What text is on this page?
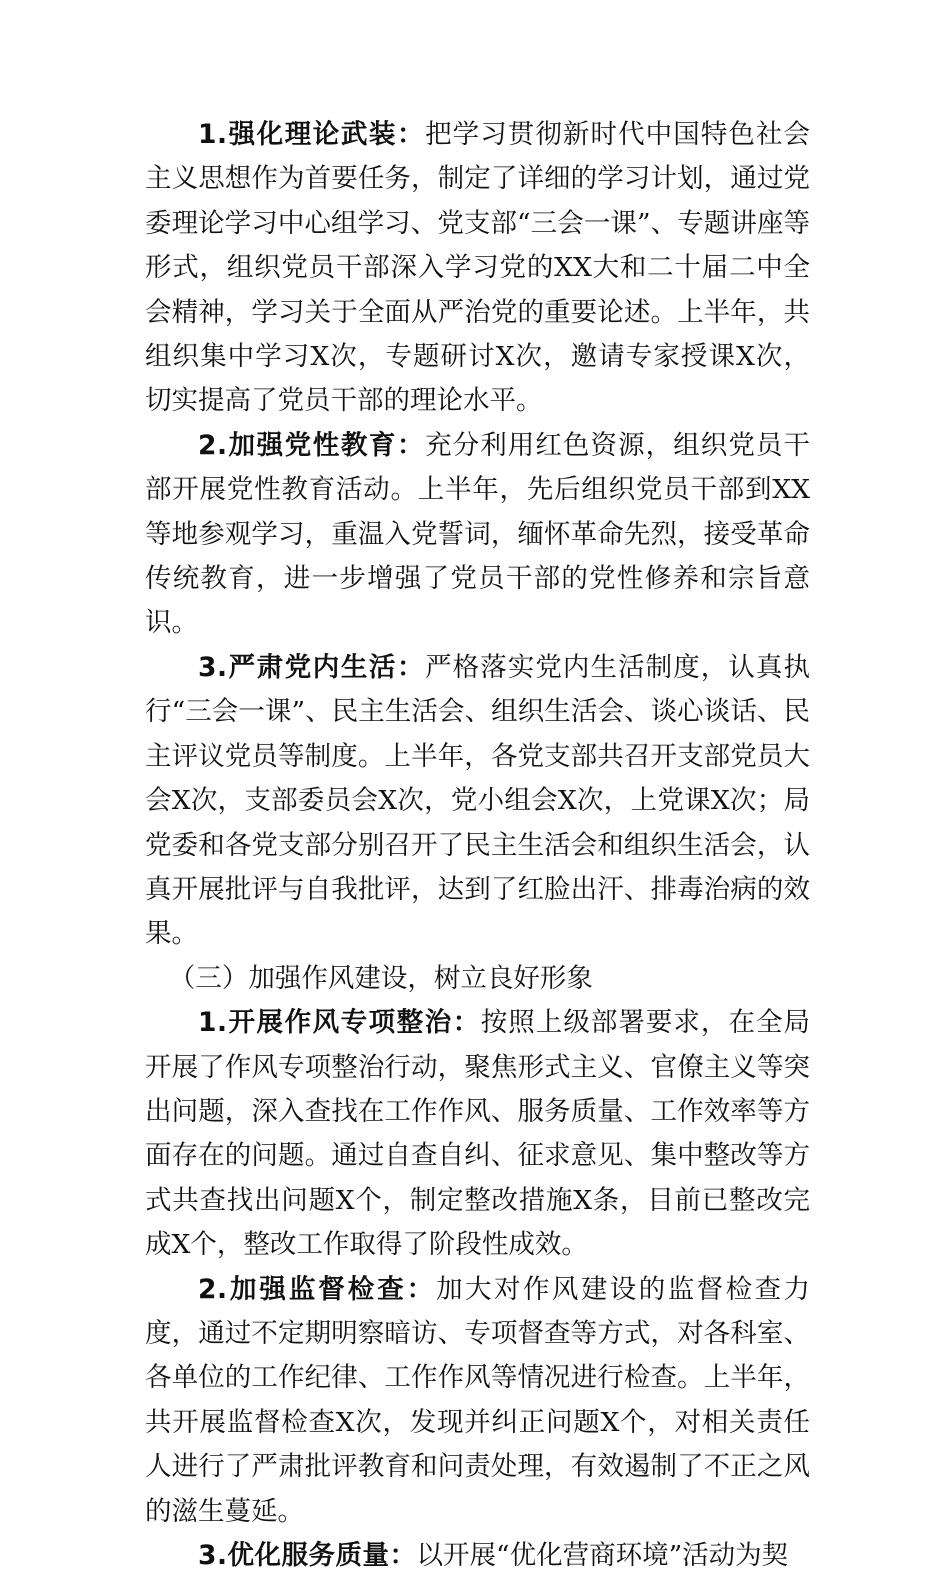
1.强化理论武装：把学习贯彻新时代中国特色社会主义思想作为首要任务，制定了详细的学习计划，通过党委理论学习中心组学习、党支部“三会一课”、专题讲座等形式，组织党员干部深入学习党的XX大和二十届二中全会精神，学习关于全面从严治党的重要论述。上半年，共组织集中学习X次，专题研讨X次，邀请专家授课X次，切实提高了党员干部的理论水平。

2.加强党性教育：充分利用红色资源，组织党员干部开展党性教育活动。上半年，先后组织党员干部到XX等地参观学习，重温入党誓词，缅怀革命先烈，接受革命传统教育，进一步增强了党员干部的党性修养和宗旨意识。

3.严肃党内生活：严格落实党内生活制度，认真执行“三会一课”、民主生活会、组织生活会、谈心谈话、民主评议党员等制度。上半年，各党支部共召开支部党员大会X次，支部委员会X次，党小组会X次，上党课X次；局党委和各党支部分别召开了民主生活会和组织生活会，认真开展批评与自我批评，达到了红脸出汗、排毒治病的效果。

（三）加强作风建设，树立良好形象

1.开展作风专项整治：按照上级部署要求，在全局开展了作风专项整治行动，聚焦形式主义、官僚主义等突出问题，深入查找在工作作风、服务质量、工作效率等方面存在的问题。通过自查自纠、征求意见、集中整改等方式共查找出问题X个，制定整改措施X条，目前已整改完成X个，整改工作取得了阶段性成效。

2.加强监督检查：加大对作风建设的监督检查力度，通过不定期明察暗访、专项督查等方式，对各科室、各单位的工作纪律、工作作风等情况进行检查。上半年，共开展监督检查X次，发现并纠正问题X个，对相关责任人进行了严肃批评教育和问责处理，有效遏制了不正之风的滋生蔓延。

3.优化服务质量：以开展“优化营商环境”活动为契
